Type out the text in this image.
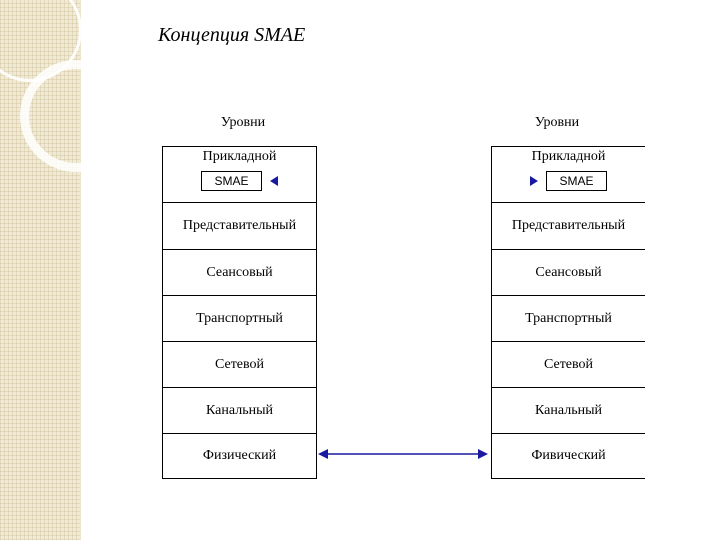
Концепция SMAE
Уровни
Прикладной
SMAE
Представительный
Сеансовый
Транспортный
Сетевой
Канальный
Физический
Уровни
Прикладной
SMAE
Представительный
Сеансовый
Транспортный
Сетевой
Канальный
Фивический
